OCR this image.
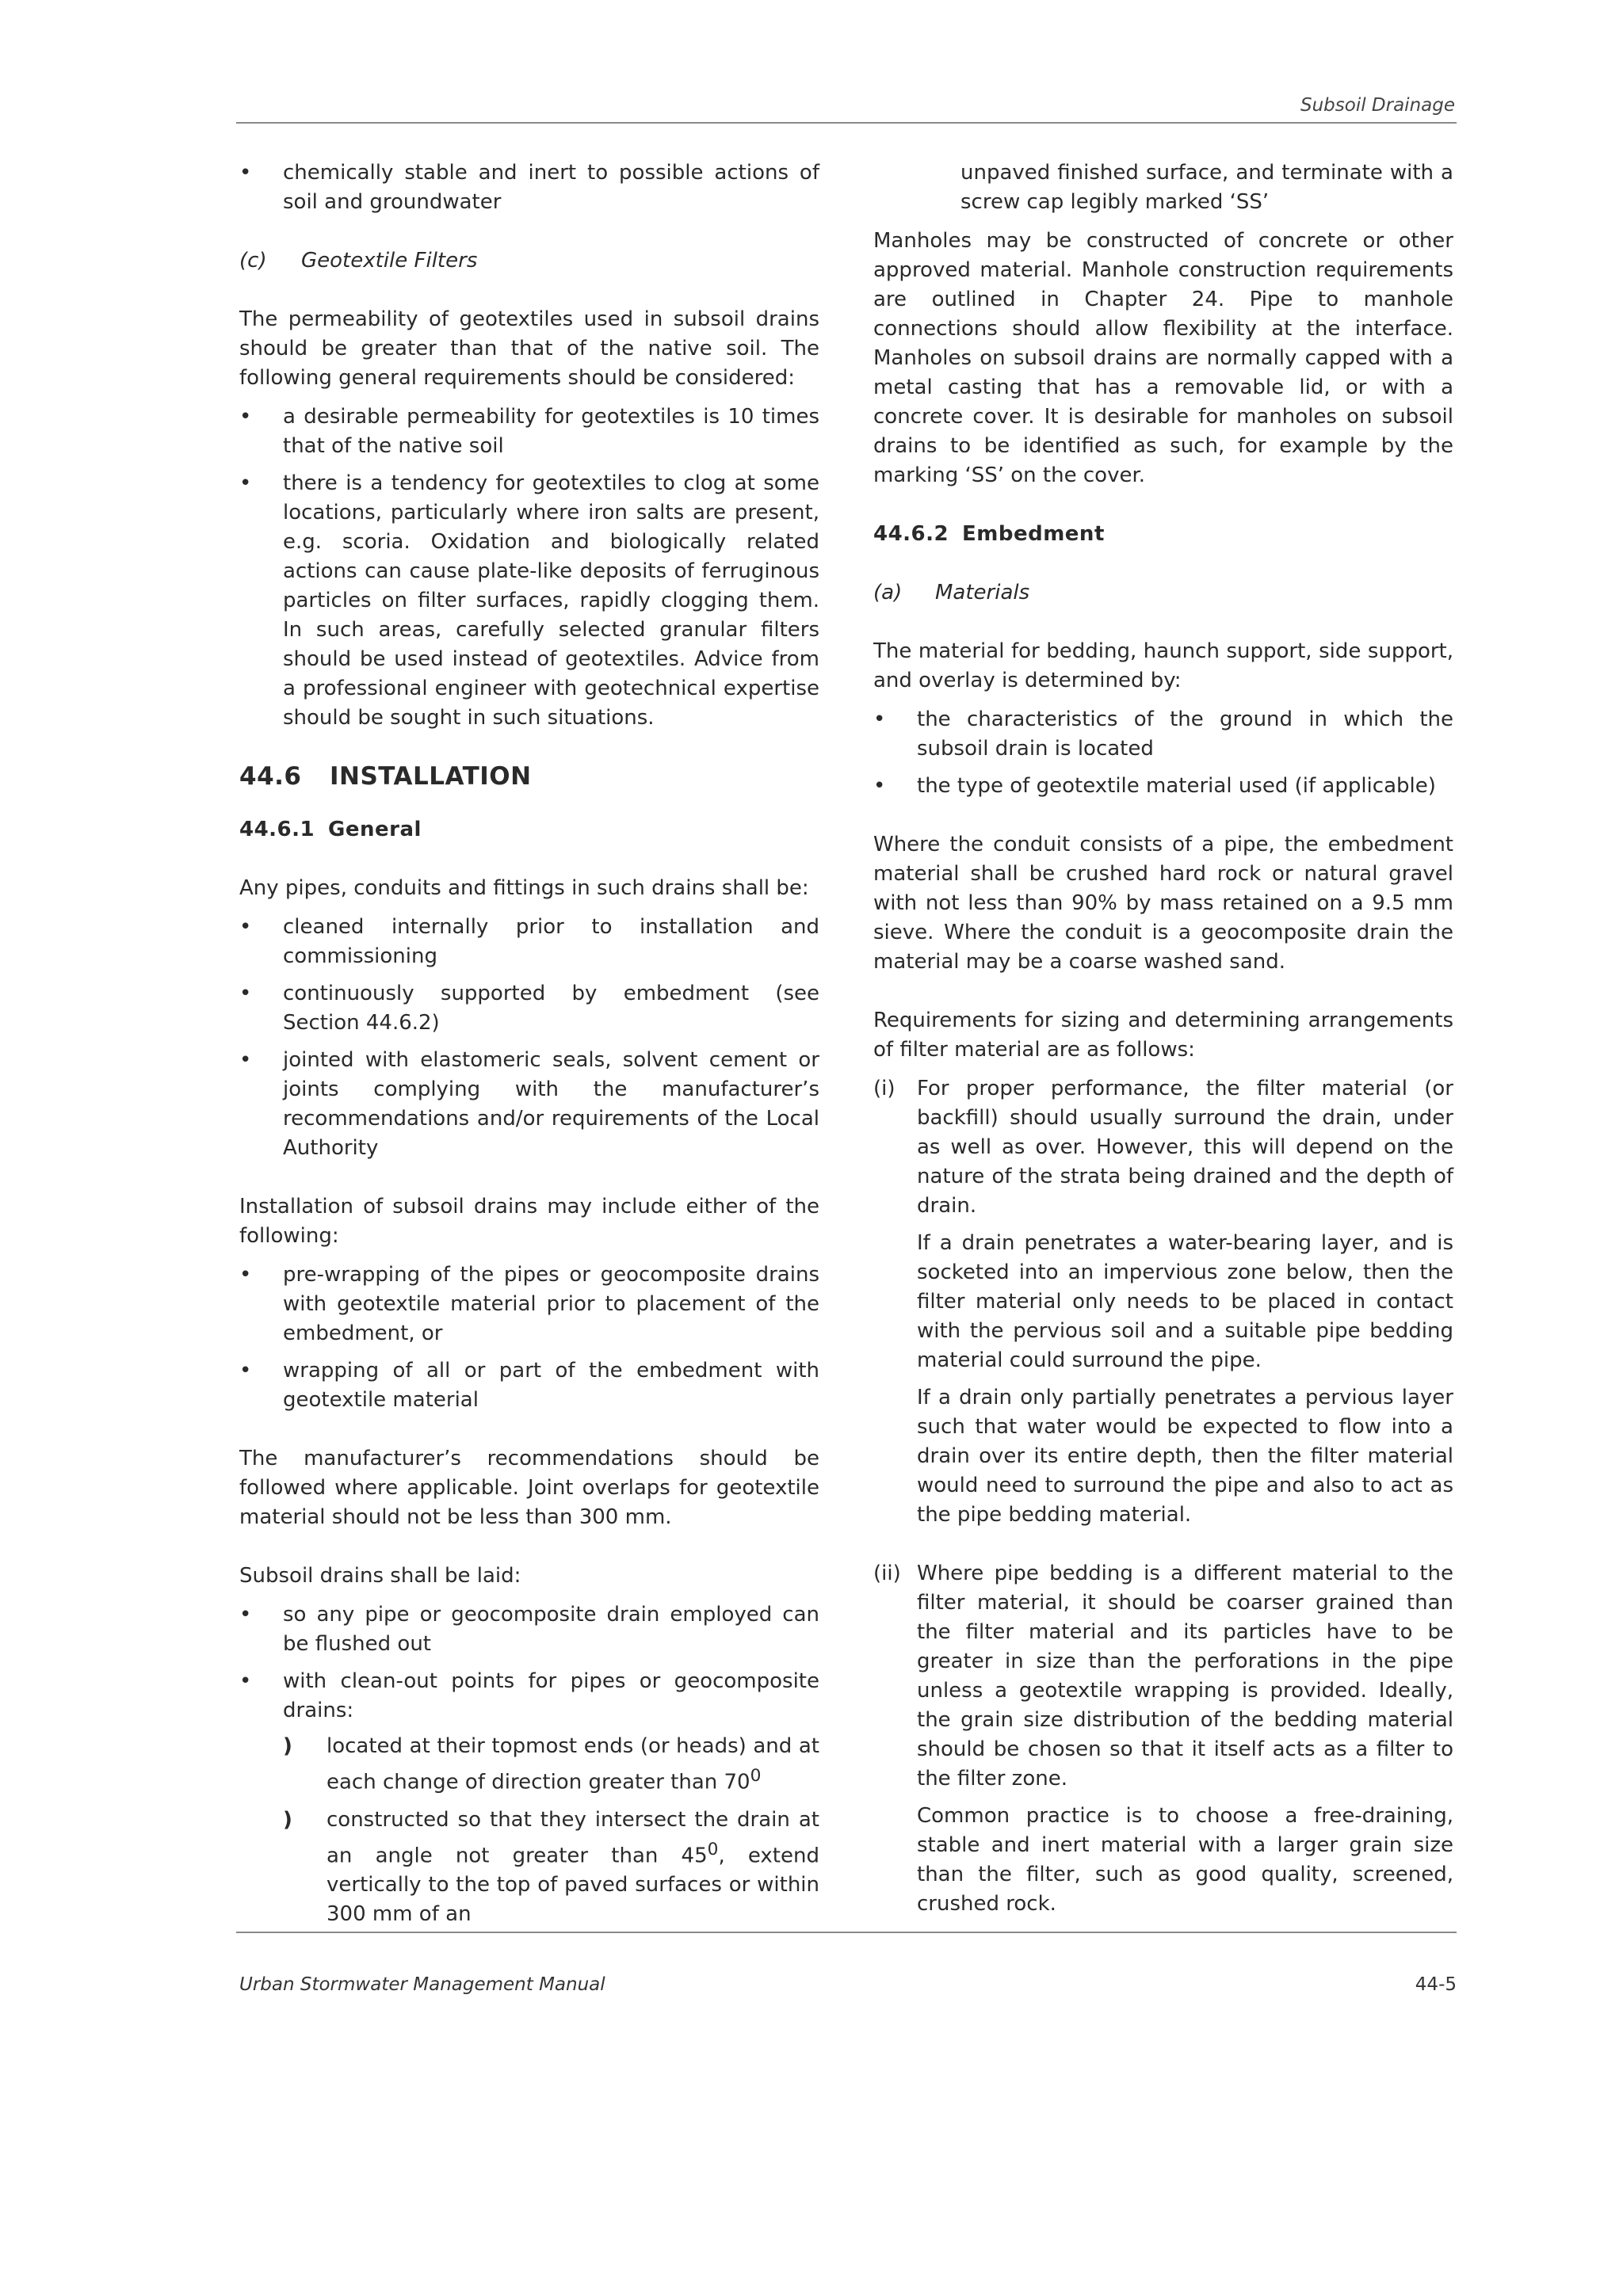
Subsoil Drainage
• chemically stable and inert to possible actions of soil and groundwater
(c) Geotextile Filters

The permeability of geotextiles used in subsoil drains should be greater than that of the native soil. The following general requirements should be considered:

• a desirable permeability for geotextiles is 10 times that of the native soil
• there is a tendency for geotextiles to clog at some locations, particularly where iron salts are present, e.g. scoria. Oxidation and biologically related actions can cause plate-like deposits of ferruginous particles on filter surfaces, rapidly clogging them. In such areas, carefully selected granular filters should be used instead of geotextiles. Advice from a professional engineer with geotechnical expertise should be sought in such situations.
44.6 INSTALLATION
44.6.1 General

Any pipes, conduits and fittings in such drains shall be:

• cleaned internally prior to installation and commissioning
• continuously supported by embedment (see Section 44.6.2)
• jointed with elastomeric seals, solvent cement or joints complying with the manufacturer’s recommendations and/or requirements of the Local Authority

Installation of subsoil drains may include either of the following:

• pre-wrapping of the pipes or geocomposite drains with geotextile material prior to placement of the embedment, or
• wrapping of all or part of the embedment with geotextile material

The manufacturer’s recommendations should be followed where applicable. Joint overlaps for geotextile material should not be less than 300 mm.

Subsoil drains shall be laid:

• so any pipe or geocomposite drain employed can be flushed out
• with clean-out points for pipes or geocomposite drains:
) located at their topmost ends (or heads) and at each change of direction greater than $70^0$
) constructed so that they intersect the drain at an angle not greater than $45^0$, extend vertically to the top of paved surfaces or within 300 mm of an

unpaved finished surface, and terminate with a screw cap legibly marked ‘SS’

Manholes may be constructed of concrete or other approved material. Manhole construction requirements are outlined in Chapter 24. Pipe to manhole connections should allow flexibility at the interface. Manholes on subsoil drains are normally capped with a metal casting that has a removable lid, or with a concrete cover. It is desirable for manholes on subsoil drains to be identified as such, for example by the marking ‘SS’ on the cover.

44.6.2 Embedment
(a) Materials

The material for bedding, haunch support, side support, and overlay is determined by:

• the characteristics of the ground in which the subsoil drain is located
• the type of geotextile material used (if applicable)

Where the conduit consists of a pipe, the embedment material shall be crushed hard rock or natural gravel with not less than 90% by mass retained on a 9.5 mm sieve. Where the conduit is a geocomposite drain the material may be a coarse washed sand.

Requirements for sizing and determining arrangements of filter material are as follows:

(i) For proper performance, the filter material (or backfill) should usually surround the drain, under as well as over. However, this will depend on the nature of the strata being drained and the depth of drain.

If a drain penetrates a water-bearing layer, and is socketed into an impervious zone below, then the filter material only needs to be placed in contact with the pervious soil and a suitable pipe bedding material could surround the pipe.

If a drain only partially penetrates a pervious layer such that water would be expected to flow into a drain over its entire depth, then the filter material would need to surround the pipe and also to act as the pipe bedding material.

(ii) Where pipe bedding is a different material to the filter material, it should be coarser grained than the filter material and its particles have to be greater in size than the perforations in the pipe unless a geotextile wrapping is provided. Ideally, the grain size distribution of the bedding material should be chosen so that it itself acts as a filter to the filter zone.

Common practice is to choose a free-draining, stable and inert material with a larger grain size than the filter, such as good quality, screened, crushed rock.

Urban Stormwater Management Manual	44-5
